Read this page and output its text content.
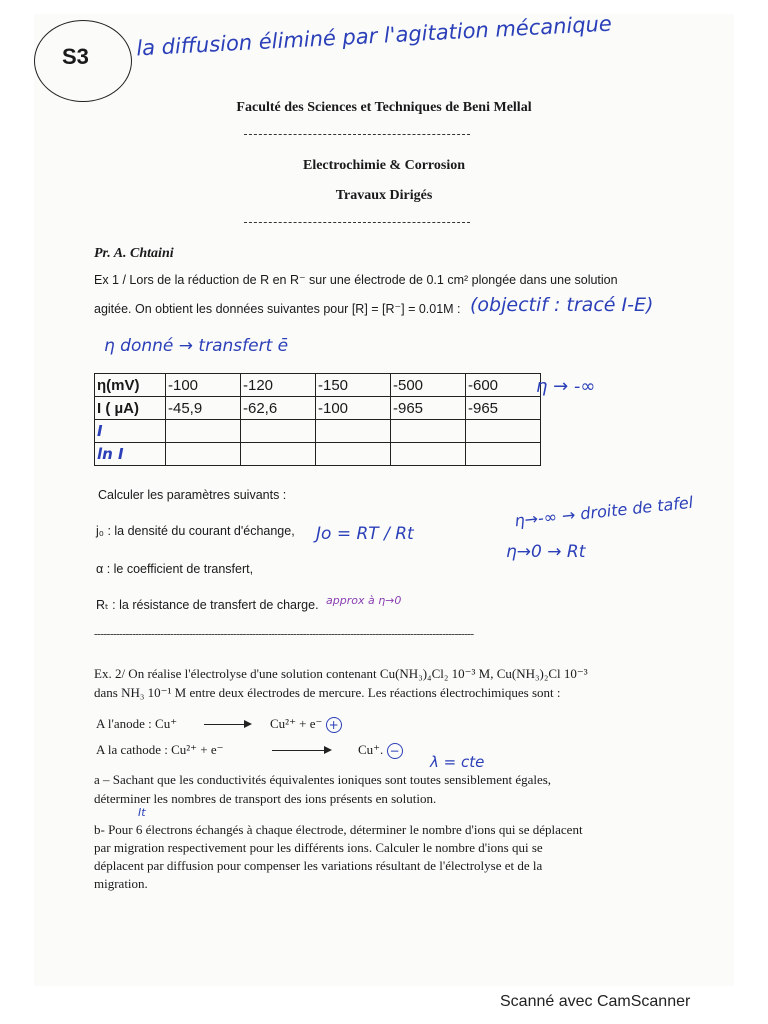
S3 la diffusion éliminé par l'agitation mécanique
Faculté des Sciences et Techniques de Beni Mellal
Electrochimie & Corrosion
Travaux Dirigés
Pr. A. Chtaini
Ex 1 / Lors de la réduction de R en R⁻ sur une électrode de 0.1 cm² plongée dans une solution
agitée. On obtient les données suivantes pour [R] = [R⁻] = 0.01M : (objectif : tracé I-E)
η donné → transfert ē
η(mV)	-100	-120	-150	-500	-600
I ( µA)	-45,9	-62,6	-100	-965	-965
I					
ln I					
η → -∞
Calculer les paramètres suivants :
j₀ : la densité du courant d'échange, Jo = RT / Rt
η→-∞ → droite de tafel
η→0 → Rt
α : le coefficient de transfert,
Rₜ : la résistance de transfert de charge. approx à η→0
------------------------------------------------------------------------------------------------------------------------
Ex. 2/ On réalise l'électrolyse d'une solution contenant Cu(NH₃)₄Cl₂ 10⁻³ M, Cu(NH₃)₂Cl 10⁻³
dans NH₃ 10⁻¹ M entre deux électrodes de mercure. Les réactions électrochimiques sont :
A l'anode : Cu⁺	Cu²⁺ + e⁻ +
A la cathode : Cu²⁺ + e⁻	Cu⁺. −
λ = cte
a – Sachant que les conductivités équivalentes ioniques sont toutes sensiblement égales,
déterminer les nombres de transport des ions présents en solution.
It
b- Pour 6 électrons échangés à chaque électrode, déterminer le nombre d'ions qui se déplacent
par migration respectivement pour les différents ions. Calculer le nombre d'ions qui se
déplacent par diffusion pour compenser les variations résultant de l'électrolyse et de la
migration.
Scanné avec CamScanner
